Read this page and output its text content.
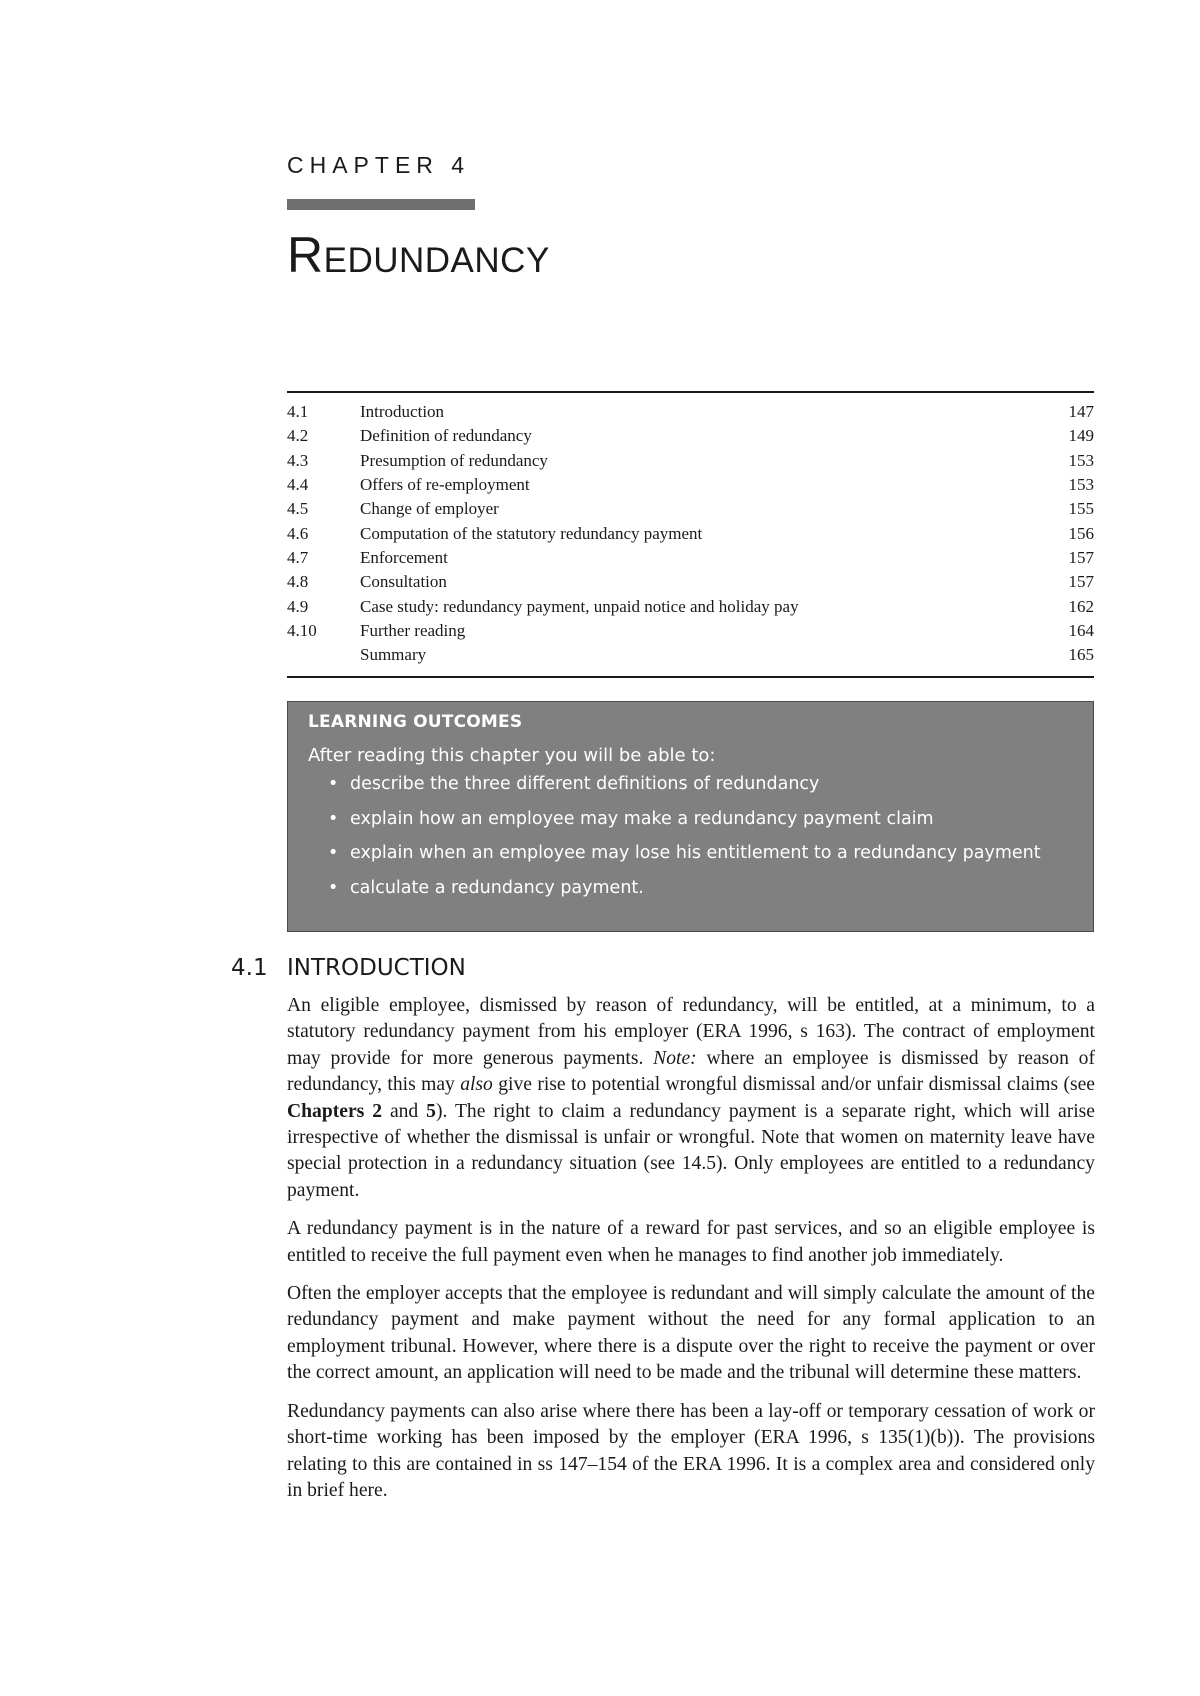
CHAPTER 4
Redundancy
4.1	Introduction	147
4.2	Definition of redundancy	149
4.3	Presumption of redundancy	153
4.4	Offers of re-employment	153
4.5	Change of employer	155
4.6	Computation of the statutory redundancy payment	156
4.7	Enforcement	157
4.8	Consultation	157
4.9	Case study: redundancy payment, unpaid notice and holiday pay	162
4.10	Further reading	164
Summary	165
LEARNING OUTCOMES
After reading this chapter you will be able to:
• describe the three different definitions of redundancy
• explain how an employee may make a redundancy payment claim
• explain when an employee may lose his entitlement to a redundancy payment
• calculate a redundancy payment.
4.1 INTRODUCTION

An eligible employee, dismissed by reason of redundancy, will be entitled, at a minimum, to a statutory redundancy payment from his employer (ERA 1996, s 163). The contract of employment may provide for more generous payments. Note: where an employee is dismissed by reason of redundancy, this may also give rise to potential wrongful dismissal and/or unfair dismissal claims (see Chapters 2 and 5). The right to claim a redundancy payment is a separate right, which will arise irrespective of whether the dismissal is unfair or wrongful. Note that women on maternity leave have special protection in a redundancy situation (see 14.5). Only employees are entitled to a redundancy payment.

A redundancy payment is in the nature of a reward for past services, and so an eligible employee is entitled to receive the full payment even when he manages to find another job immediately.

Often the employer accepts that the employee is redundant and will simply calculate the amount of the redundancy payment and make payment without the need for any formal application to an employment tribunal. However, where there is a dispute over the right to receive the payment or over the correct amount, an application will need to be made and the tribunal will determine these matters.

Redundancy payments can also arise where there has been a lay-off or temporary cessation of work or short-time working has been imposed by the employer (ERA 1996, s 135(1)(b)). The provisions relating to this are contained in ss 147–154 of the ERA 1996. It is a complex area and considered only in brief here.
